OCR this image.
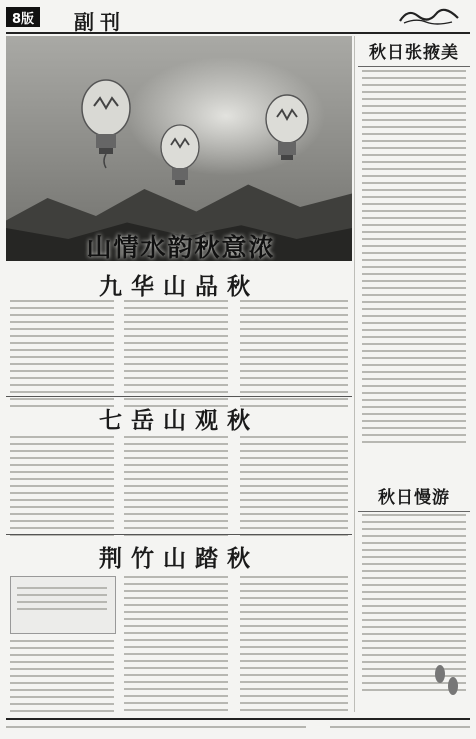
8版 副刊
山情水韵秋意浓
秋日张掖美
秋日慢游
九华山品秋
七岳山观秋
荆竹山踏秋
